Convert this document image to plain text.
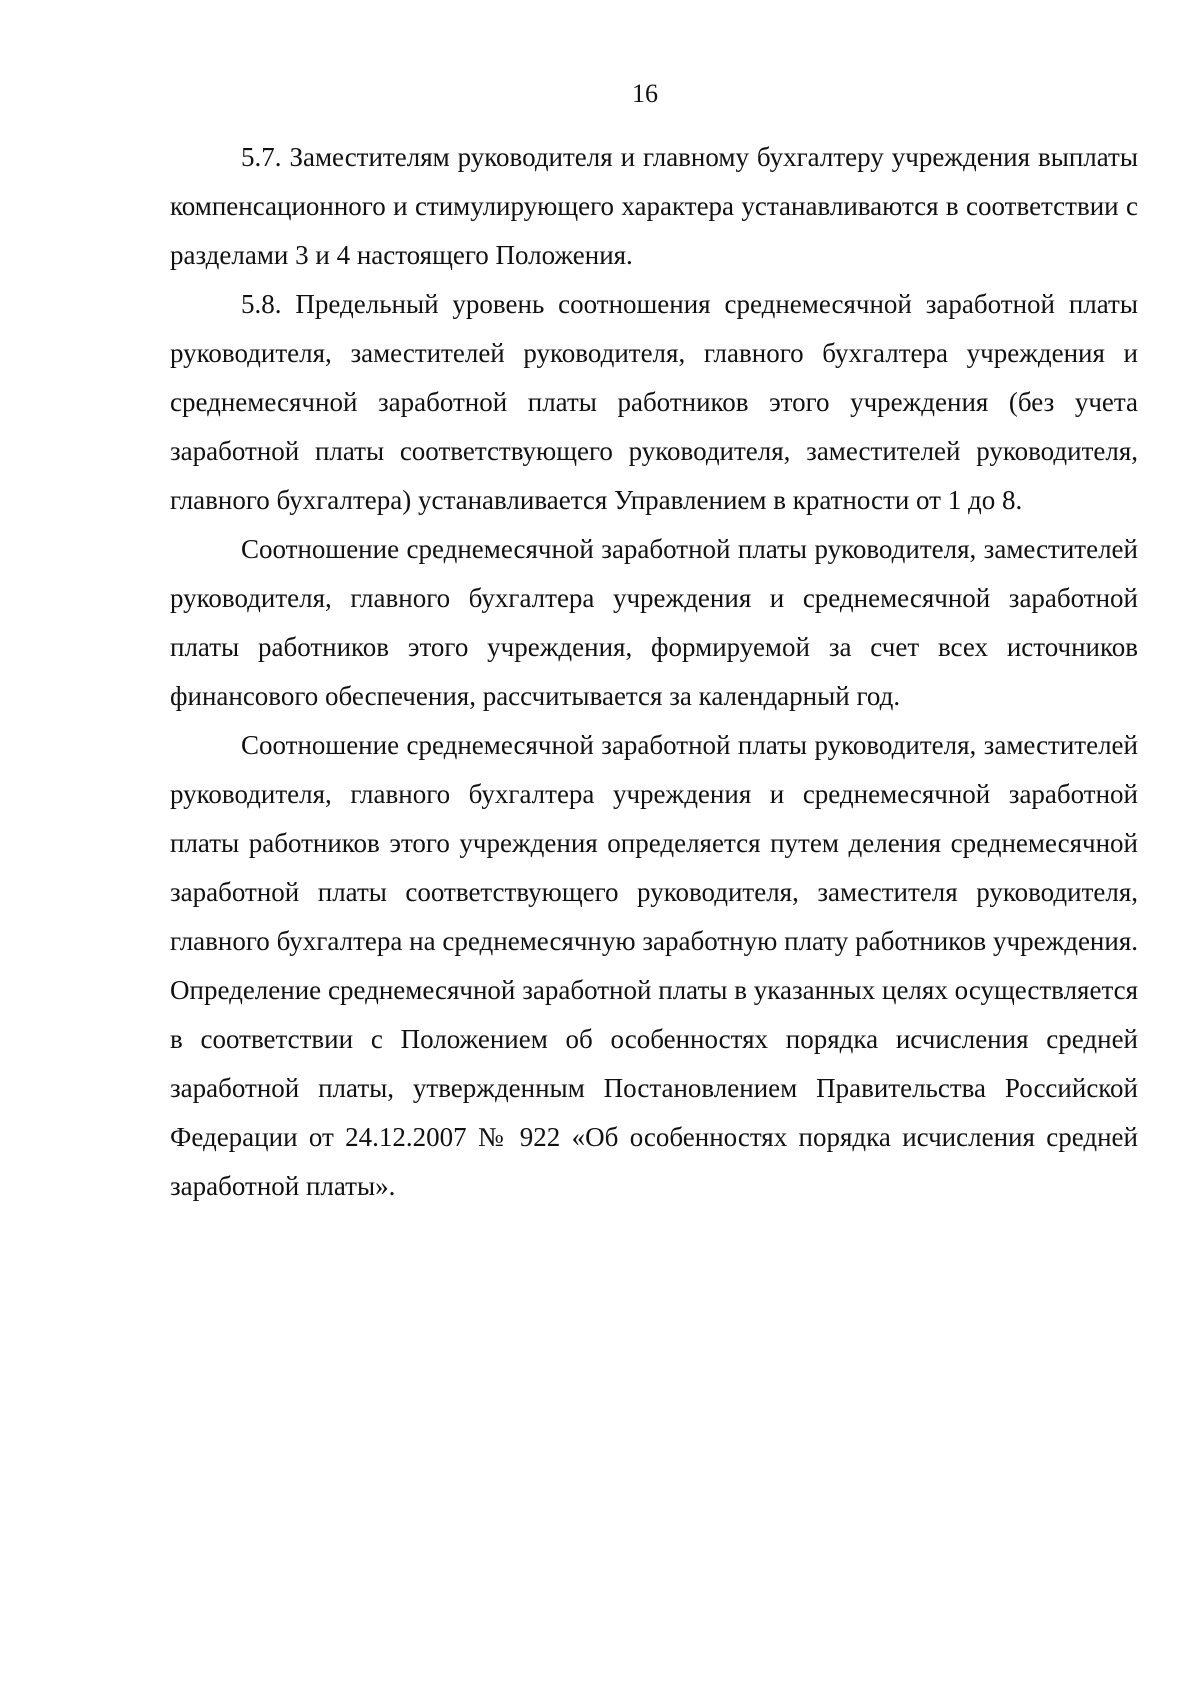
16

5.7. Заместителям руководителя и главному бухгалтеру учреждения выплаты компенсационного и стимулирующего характера устанавливаются в соответствии с разделами 3 и 4 настоящего Положения.

5.8. Предельный уровень соотношения среднемесячной заработной платы руководителя, заместителей руководителя, главного бухгалтера учреждения и среднемесячной заработной платы работников этого учреждения (без учета заработной платы соответствующего руководителя, заместителей руководителя, главного бухгалтера) устанавливается Управлением в кратности от 1 до 8.

Соотношение среднемесячной заработной платы руководителя, заместителей руководителя, главного бухгалтера учреждения и среднемесячной заработной платы работников этого учреждения, формируемой за счет всех источников финансового обеспечения, рассчитывается за календарный год.

Соотношение среднемесячной заработной платы руководителя, заместителей руководителя, главного бухгалтера учреждения и среднемесячной заработной платы работников этого учреждения определяется путем деления среднемесячной заработной платы соответствующего руководителя, заместителя руководителя, главного бухгалтера на среднемесячную заработную плату работников учреждения. Определение среднемесячной заработной платы в указанных целях осуществляется в соответствии с Положением об особенностях порядка исчисления средней заработной платы, утвержденным Постановлением Правительства Российской Федерации от 24.12.2007 № 922 «Об особенностях порядка исчисления средней заработной платы».
